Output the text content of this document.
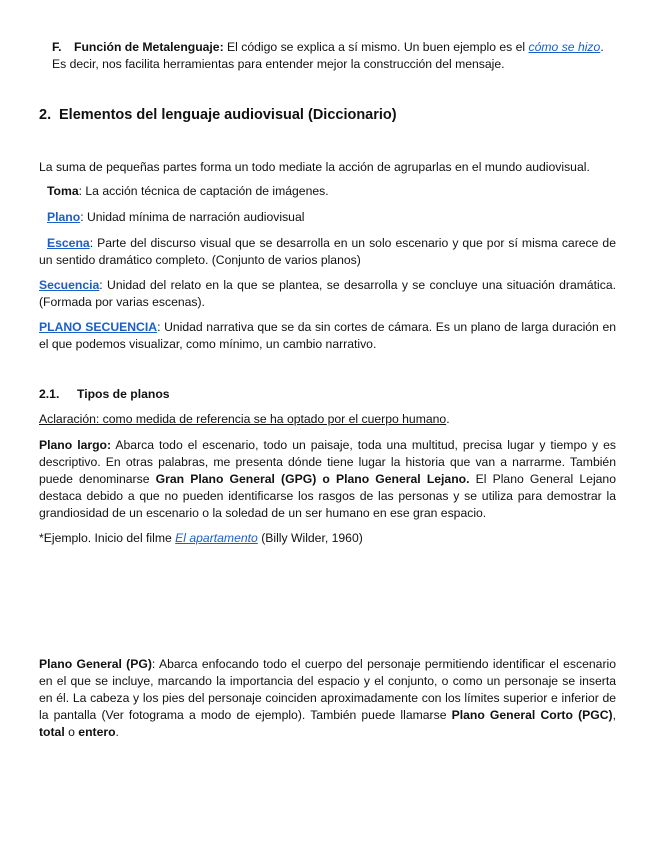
F. Función de Metalenguaje: El código se explica a sí mismo. Un buen ejemplo es el cómo se hizo. Es decir, nos facilita herramientas para entender mejor la construcción del mensaje.
2. Elementos del lenguaje audiovisual (Diccionario)
La suma de pequeñas partes forma un todo mediate la acción de agruparlas en el mundo audiovisual.
Toma: La acción técnica de captación de imágenes.
Plano: Unidad mínima de narración audiovisual
Escena: Parte del discurso visual que se desarrolla en un solo escenario y que por sí misma carece de un sentido dramático completo. (Conjunto de varios planos)
Secuencia: Unidad del relato en la que se plantea, se desarrolla y se concluye una situación dramática. (Formada por varias escenas).
PLANO SECUENCIA: Unidad narrativa que se da sin cortes de cámara. Es un plano de larga duración en el que podemos visualizar, como mínimo, un cambio narrativo.
2.1. Tipos de planos
Aclaración: como medida de referencia se ha optado por el cuerpo humano.
Plano largo: Abarca todo el escenario, todo un paisaje, toda una multitud, precisa lugar y tiempo y es descriptivo. En otras palabras, me presenta dónde tiene lugar la historia que van a narrarme. También puede denominarse Gran Plano General (GPG) o Plano General Lejano. El Plano General Lejano destaca debido a que no pueden identificarse los rasgos de las personas y se utiliza para demostrar la grandiosidad de un escenario o la soledad de un ser humano en ese gran espacio.
*Ejemplo. Inicio del filme El apartamento (Billy Wilder, 1960)
Plano General (PG): Abarca enfocando todo el cuerpo del personaje permitiendo identificar el escenario en el que se incluye, marcando la importancia del espacio y el conjunto, o como un personaje se inserta en él. La cabeza y los pies del personaje coinciden aproximadamente con los límites superior e inferior de la pantalla (Ver fotograma a modo de ejemplo). También puede llamarse Plano General Corto (PGC), total o entero.
